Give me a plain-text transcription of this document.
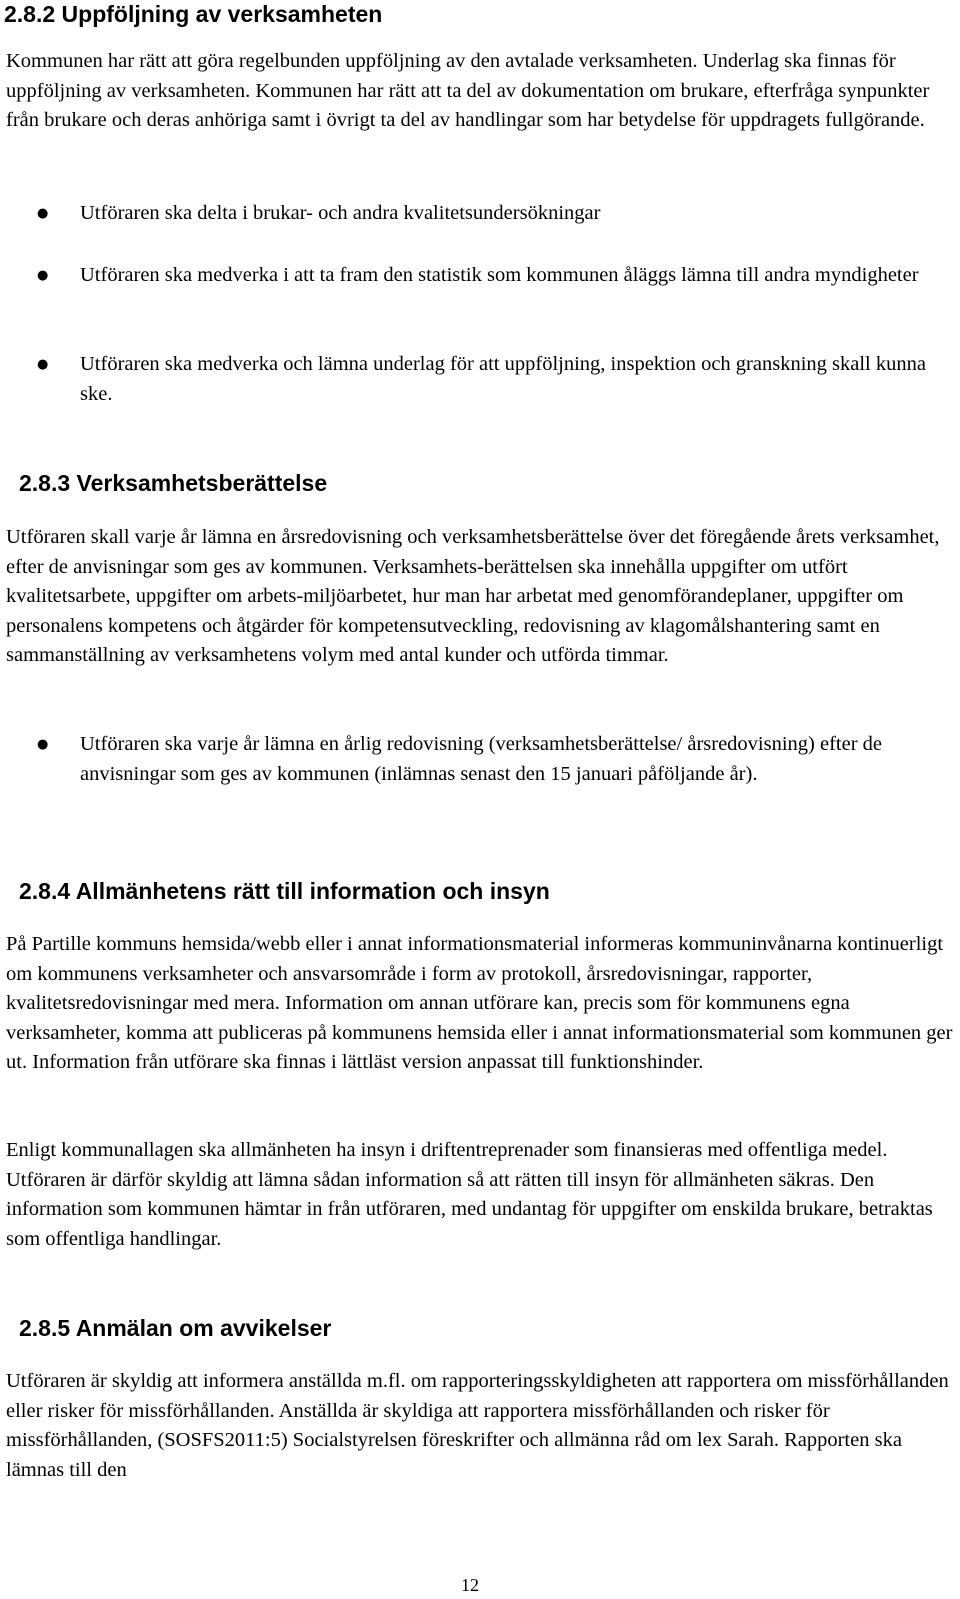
2.8.2 Uppföljning av verksamheten

Kommunen har rätt att göra regelbunden uppföljning av den avtalade verksamheten. Underlag ska finnas för uppföljning av verksamheten. Kommunen har rätt att ta del av dokumentation om brukare, efterfråga synpunkter från brukare och deras anhöriga samt i övrigt ta del av handlingar som har betydelse för uppdragets fullgörande.

● Utföraren ska delta i brukar- och andra kvalitetsundersökningar
● Utföraren ska medverka i att ta fram den statistik som kommunen åläggs lämna till andra myndigheter
● Utföraren ska medverka och lämna underlag för att uppföljning, inspektion och granskning skall kunna ske.
2.8.3 Verksamhetsberättelse

Utföraren skall varje år lämna en årsredovisning och verksamhetsberättelse över det föregående årets verksamhet, efter de anvisningar som ges av kommunen. Verksamhets-berättelsen ska innehålla uppgifter om utfört kvalitetsarbete, uppgifter om arbets-miljöarbetet, hur man har arbetat med genomförandeplaner, uppgifter om personalens kompetens och åtgärder för kompetensutveckling, redovisning av klagomålshantering samt en sammanställning av verksamhetens volym med antal kunder och utförda timmar.

● Utföraren ska varje år lämna en årlig redovisning (verksamhetsberättelse/ årsredovisning) efter de anvisningar som ges av kommunen (inlämnas senast den 15 januari påföljande år).
2.8.4 Allmänhetens rätt till information och insyn

På Partille kommuns hemsida/webb eller i annat informationsmaterial informeras kommuninvånarna kontinuerligt om kommunens verksamheter och ansvarsområde i form av protokoll, årsredovisningar, rapporter, kvalitetsredovisningar med mera. Information om annan utförare kan, precis som för kommunens egna verksamheter, komma att publiceras på kommunens hemsida eller i annat informationsmaterial som kommunen ger ut. Information från utförare ska finnas i lättläst version anpassat till funktionshinder.

Enligt kommunallagen ska allmänheten ha insyn i driftentreprenader som finansieras med offentliga medel. Utföraren är därför skyldig att lämna sådan information så att rätten till insyn för allmänheten säkras. Den information som kommunen hämtar in från utföraren, med undantag för uppgifter om enskilda brukare, betraktas som offentliga handlingar.

2.8.5 Anmälan om avvikelser

Utföraren är skyldig att informera anställda m.fl. om rapporteringsskyldigheten att rapportera om missförhållanden eller risker för missförhållanden. Anställda är skyldiga att rapportera missförhållanden och risker för missförhållanden, (SOSFS2011:5) Socialstyrelsen föreskrifter och allmänna råd om lex Sarah. Rapporten ska lämnas till den

12
